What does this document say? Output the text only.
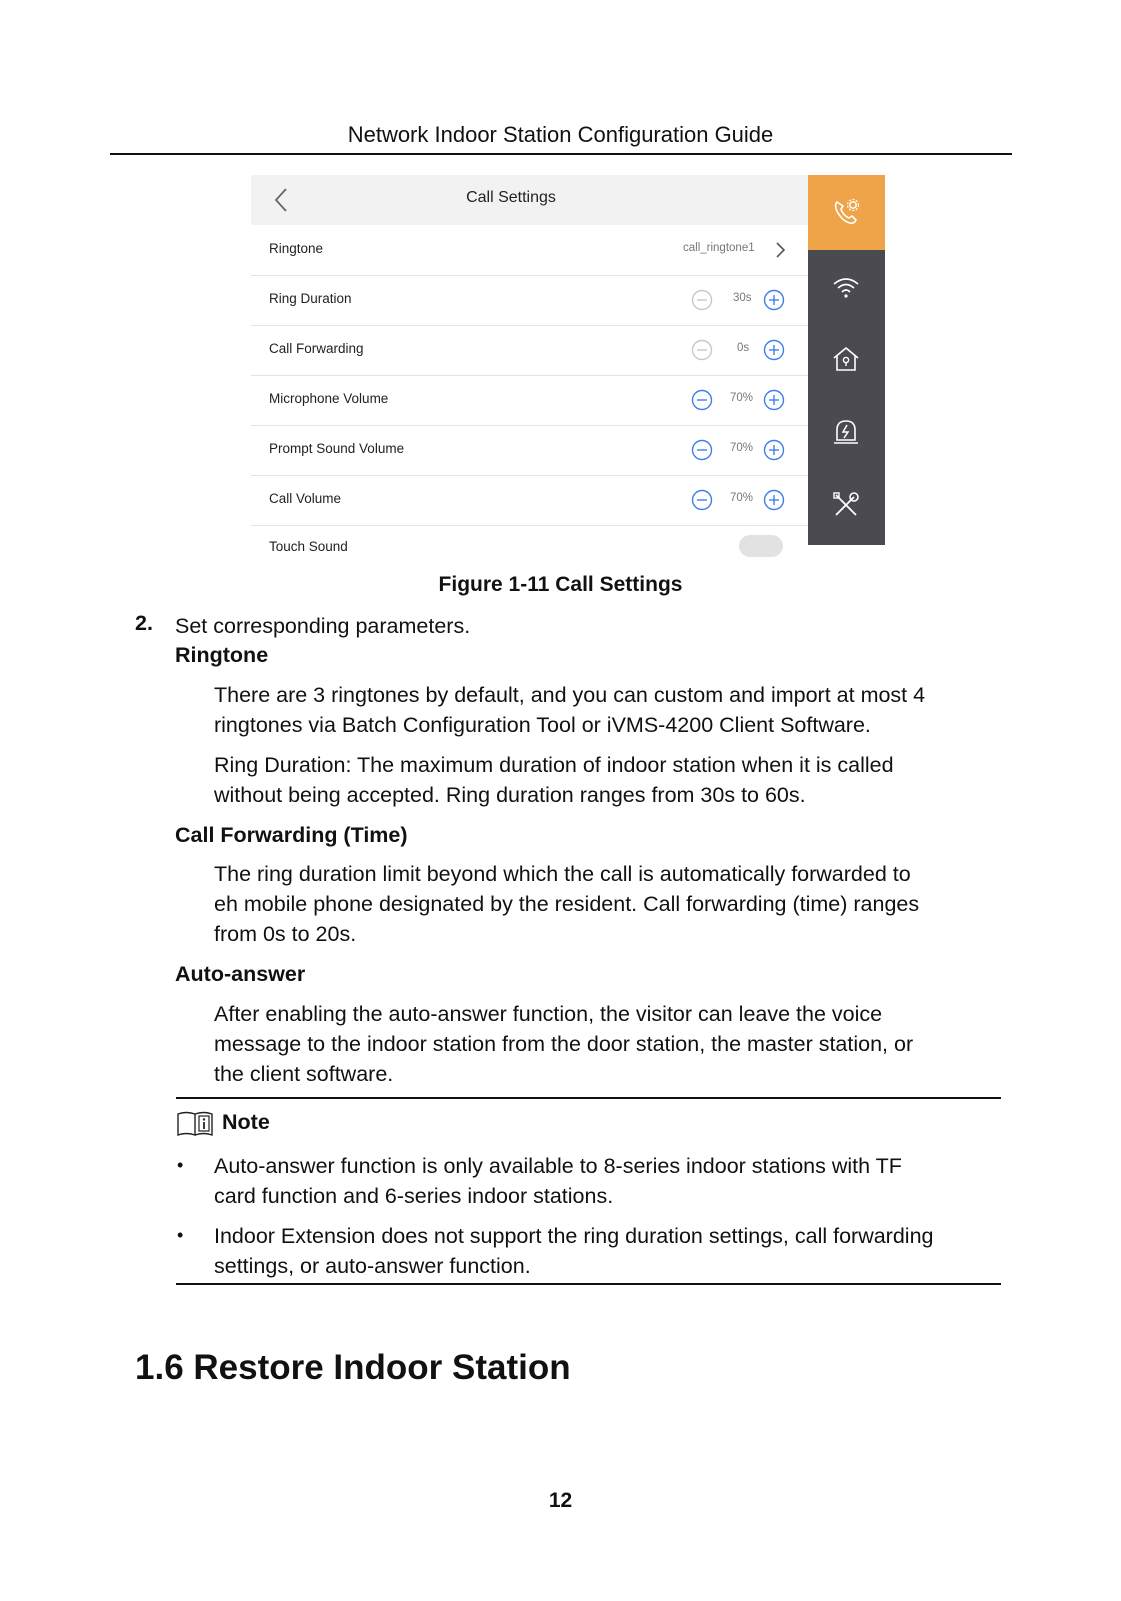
Network Indoor Station Configuration Guide
Call Settings
Ringtone	call_ringtone1
Ring Duration	30s
Call Forwarding	0s
Microphone Volume	70%
Prompt Sound Volume	70%
Call Volume	70%
Touch Sound
Figure 1-11 Call Settings
2. Set corresponding parameters.
Ringtone
There are 3 ringtones by default, and you can custom and import at most 4
ringtones via Batch Configuration Tool or iVMS-4200 Client Software.
Ring Duration: The maximum duration of indoor station when it is called
without being accepted. Ring duration ranges from 30s to 60s.
Call Forwarding (Time)
The ring duration limit beyond which the call is automatically forwarded to
eh mobile phone designated by the resident. Call forwarding (time) ranges
from 0s to 20s.
Auto-answer
After enabling the auto-answer function, the visitor can leave the voice
message to the indoor station from the door station, the master station, or
the client software.
Note
• Auto-answer function is only available to 8-series indoor stations with TF
card function and 6-series indoor stations.
• Indoor Extension does not support the ring duration settings, call forwarding
settings, or auto-answer function.
1.6 Restore Indoor Station
12
